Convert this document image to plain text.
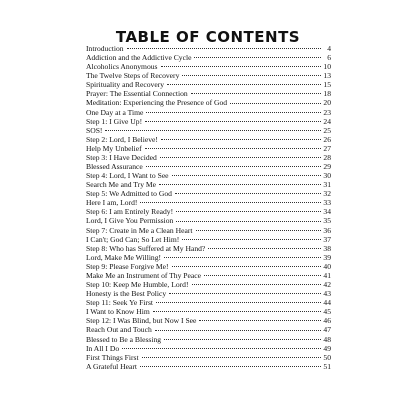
TABLE OF CONTENTS
Introduction	4
Addiction and the Addictive Cycle	6
Alcoholics Anonymous	10
The Twelve Steps of Recovery	13
Spirituality and Recovery	15
Prayer: The Essential Connection	18
Meditation: Experiencing the Presence of God	20
One Day at a Time	23
Step 1: I Give Up!	24
SOS!	25
Step 2: Lord, I Believe!	26
Help My Unbelief	27
Step 3: I Have Decided	28
Blessed Assurance	29
Step 4: Lord, I Want to See	30
Search Me and Try Me	31
Step 5: We Admitted to God	32
Here I am, Lord!	33
Step 6: I am Entirely Ready!	34
Lord, I Give You Permission	35
Step 7: Create in Me a Clean Heart	36
I Can't; God Can; So Let Him!	37
Step 8: Who has Suffered at My Hand?	38
Lord, Make Me Willing!	39
Step 9: Please Forgive Me!	40
Make Me an Instrument of Thy Peace	41
Step 10: Keep Me Humble, Lord!	42
Honesty is the Best Policy	43
Step 11: Seek Ye First	44
I Want to Know Him	45
Step 12: I Was Blind, but Now I See	46
Reach Out and Touch	47
Blessed to Be a Blessing	48
In All I Do	49
First Things First	50
A Grateful Heart	51
